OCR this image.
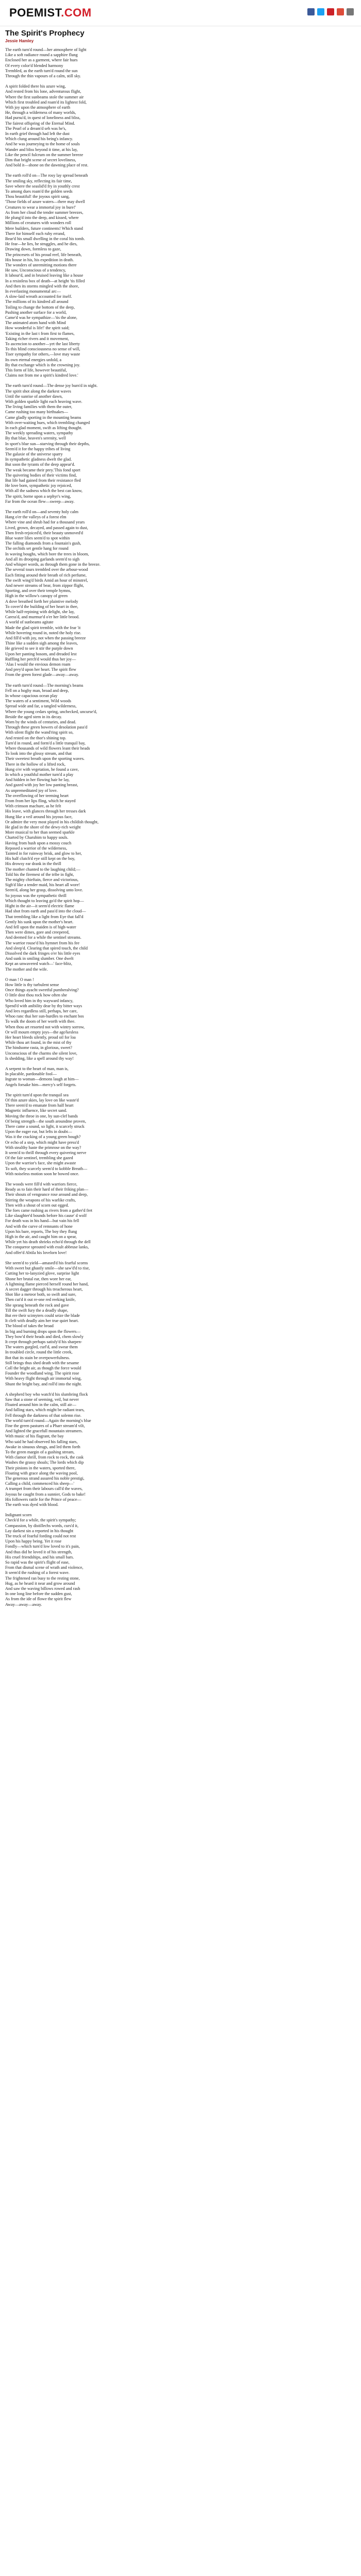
POEMIST.COM
The Spirit's Prophecy
Jessie Hamley
The earth turn'd round—her atmosphere of light
Like a soft radiance round a sapphire flung
Enclosed her as a garment, where fair hues
Of every color'd blended harmony
Trembled, as the earth turn'd round the sun
Through the thin vapours of a calm, still sky.
A spirit folded there his azure wing,
And rested from his lone, adventurous flight,
Where the first sunbeams stole the summer air
Which first troubled and roam'd its lightest fold,
With joy upon the atmosphere of earth
He, through a wilderness of many worlds,
Had pursu'd, in quest of loneliness and bliss,
The fairest offspring of the Eternal Mind.
The Pearl of a dream'd seh was he's,
In earth grief through had left the dust
Which clung around his being's infancy.
And he was journeying to the home of souls
Wander and bliss beyond it time, at his lay,
Like the pencil fulcrum on the summer breeze
Dim that bright scene of secret loveliness,
And bold it—shone on the dawning place of rest.
The earth roll'd on—The rosy lay spread beneath
The smiling sky, reflecting its fair time,
Save where the seaslid'd fry in youthly crest
To among dues roam'd the golden seeds
Thou beautiful! the joyous spirit sang,
'Those fields of azure waters—there may dwell
Creatures to wear a immortal joy in bure!'
As from her cloud the tender summer breezes,
He plung'd into the deep, and kissed, where
Millions of creatures with wonders roll
Mere builders, future continents! Which stand
There for himself each ruby errand,
Bear'd his small dwelling in the coral his tomb.
He fear—he lies, he struggles, and he dies,
Drawing down, formless to gaze,
The princesets of his proud reef, life beneath,
His house in his, his expedition in death.
The wonders of unremitting motions there
He saw, Unconscious of a tendency,
It labour'd, and in bruised leaving like a house
In a resistless box of death—at height 'tis filled
And then its storms mingled with the shore,
In everlasting monumental arc—
A slow-laid wreath accounted for itself.
The millions of its kindred all around
Toiling to change the bottom of the deep,
Pushing another surface for a world,
Came'd was he sympathize—'tis the alone,
The animated atom hand with Mind
How wonderful is life!' the spirit said;
'Existing in the last t from first to flames,
Taking richer rivers and it movement,
To ascencion to another—yet the last liberty
To this blind consciousness no sense of will,
Tiser sympathy for others,—love may waste
Its own eternal energies unfold, a
By that exchange which is the crowning joy.
This form of life, however beautiful,
Claims not from me a spirit's kindred love.'
The earth turn'd round—The dense joy burn'd in night.
The spirit shot along the darkest waves
Until the sunrise of another dawn,
With golden sparkle light each heaving wave.
The living families with them the outer,
Came rushing too many birthsakes—
Came gladly sporting in the mounting beams
With over-waiting hues, which trembling changed
In each glad moment, swift as lifting thought.
The weekly spreading waters, sympathy
By that blue, heaven's serenity, well
In sport's blue sun—starving through their depths,
Seem'd it for the happy tribes of living
The galaxie of the universe sparry
In sympathetic gladness dwelt the glad.
But soon the tyrants of the deep appear'd.
The weak became their prey.'This fond sport
The quivering bodies of their victims find,
But life had gained from their resistance fled
He love born, sympathetic joy rejoiced,
With all the sadness which the best can know,
The spirit, borne upon a sephyr's wing,
Far from the ocean flew—sweep—away.
The earth roll'd on—and seventy holy calm
Hang o'er the valleys of a forest elm
Where vine and shrub had for a thousand years
Lived, grown, decayed, and passed again to dust,
Then fresh-rejoiced'd, their beauty unmoved'd
Blue water lilies seem'd to spot within
The falling diamonds from a fountain's gush,
The orchids set gentle hang for round
In waving boughs, which bore the trees in bloom,
And all its drooping garlands seem'd to sigh
And whisper words, as through them gone in the breeze.
The several tours trembled over the arbour-wood
Each fitting around their breath of rich perfume,
The swift wing'd birds Amid an hour of minstrel,
And newer streams of bear, from zippor flight,
Sporting, and over their temple hymns,
High in the willow's canopy of green
A dove breathed forth her plaintive melody
To cover'd the building of her heart in thee,
While half-repining with delight, she lay,
Caress'd, and murmur'd o'er her little brood.
A world of sunbeams agitate
Made the glad spirit tremble, with the fear 'it
While hovering round in, noted the holy rise.
And fill'd with joy, not when the passing breeze
Thine like a sudden sigh among the leaves,
He grieved to see it stir the purple down
Upon her panting bosom, and dreaded lest
Ruffling her perch'd would thus her joy—
'Alas I would the envious demon roam
And prey'd upon her heart. The spirit flew
From the green forest glade—away—away.
The earth turn'd round—The morning's beams
Fell on a hoghy man, broad and deep,
In whose capacious ocean play
The waters of a sentiment, Wild woods
Spread wide and far, a tangled wilderness,
Where the young cedars spring, unchecked, uncurse'd,
Beside the aged stem in its decay.
Worn by the winds of centuries, and dead.
Through these green bowers of desolation pass'd
With silent flight the wand'ring spirit so,
And rested on the thor's shining top.
Turn'd in round, and form'd a little tranquil bay,
Where thousands of wild flowers leant their heads
To look into the glossy stream, and that
Their sweetest breath upon the sporting waves.
There in the hollow of a lifted rock,
Hung o'er with vegetation, he found a cave,
In which a youthful mother turn'd a play
And hidden in her flowing hair he lay,
And gazed with joy her low panting breast,
As unpremeditated joy of love.
The overflowing of her teeming heart
From from her lips fling, which he stayed
With crimson machure, as he felt
His leave, with glances through her tresses dark
Hung like a veil around his joyous face,
Or admire the very most played in his childish thought,
He glad in the shore of the dewy-rich weight
More musical to her than seemed sparkle
Charted by Charubim to happy souls.
Having from hush upon a mossy couch
Reposed a warrior of the wilderness,
Tainted in for ruinway brisk, and glow to her,
His half clutch'd eye still kept on the boy,
His drowsy ear drank in the thrill
The mother chanted to the laughing child;—
Told his the firemest of the tribe in fight,
The mighty chieftain, fierce and victorious,
Sigh'd like a tender maid, his heart all wore!
Seem'd, along her grasp, dissolving unto love.
So joyous was the sympathetic thrill
Which thought to leaving go'd the spirit hop—
Hight in the air—it seem'd electric flame
Had shot from earth and pass'd into the cloud—
That trembling like a light from Eye that fall'd
Gently his sunk upon the mother's heart.
And fell upon the maiden is of high-water
Then were dimes, gore and creepered,
And deemed for a while the sentinel streams.
The warrior rouse'd his hymnet from his fee
And sleep'd. Clearing that spired touch, the child
Dissolved the dark fringes o'er his little eyes
And sunk in smiling slumber. One dwelt
Kept an unwavered watch—' face-blitz,
The mother and the wife.
O man ! O man !
How little is thy turbulent sense
Once things ayacht swretful pumberalving?
O little dost thou rock how often she
Who loved him in thy wayward infancy,
Spend'd with anibility dear by thy bitter ways
And lees regardless still, perhaps, her care,
Whoo ranc thai her sun-hurdles to enchant bos
To walk the doom of her worth with thee.
When thou art resorted not with wintry sorrow,
Or will mourn empty joys—the ago'kesless
Her heart bleeds silently, proud oil for loa
While thou art found, in the mist of thy
The hindsome rasta, in glorious, sweet?
Unconscious of the charms she silent love,
Is shedding, like a spell around thy way!
A serpent to the heart of man, man is,
In placable, pardonable fool—
Ingrate to woman—demons laugh at him—
Angels forsake him—mercy's self forgets.
The spirit turn'd upon the tranquil sea
Of thin azure skies, lay love on like waste'd
There seem'd to emanate from half heart
Magnetic influence, like secret sand.
Moving the throe in one, by sun-clef bands
Of being strength—the south aroundme proven,
There came a sound, so light, it scarcely struck
Upon the eager ear, but lefts in doubt—
Was it the cracking of a young green bough?
Or echo of a step, which might have press'd
With stealthy haste the primrose on the way?
It seem'd to thrill through every quivering nerve
Of the fair sentinel, trembling she gazed
Upon the warrior's face, she might awaste
To soft, they scarcely seem'd to kobble Breath—
With noiseless motion soon he bowed once.
The woods were fill'd with warriors fierce,
Ready as to fain their hard of their friking plan—
Their shouts of vengeance rose around and deep,
Stirring the weapons of his warlike crafts,
Then with a shout of scorn out egged.
The foes came rushing as rivers from a gather'd fret
Like slaughter'd bounds before his cause' d wolf
For death was in his hand—but vain his fell
And with the curve of remnants of hone
Upon his bare, reports, The boy they flung
High in the air, and caught him on a spear,
While yet his death shrieks echo'd through the dell
The conqueror sprouted with exult abbruse lanks,
And offer'd Abtila his lovelorn love!
She seem'd to yield—amased'd his fearful scorns
With sweet but ghastly smile—she saw'd'd to rise,
Cutting her to-lanyzied glove, surprise light
Shone her brutal ear, then wore her ear,
A lightning flame pierced herself round her hand,
A secret dagger through his treacherous heart,
Shot like a meteor both, so swift and sure,
Then cut'd it out re-one red reeking knife,
She sprang beneath the rock and gave
Till the swift fury the a deadly shape,
But ere their scimyters could seize the blade
It cleft with deadly aim her true quiet heart.
The blood of takes the broad
In big and burning drops upon the flowers—
They bow'd their heads and died, chem slowly
It crept through perhaps satisfy'd his sharpen-
The waters gurgled, curl'd, and swear them
In troubled circle, round the little creek,
Bot that its stain be overpowerfulness.
Still brings thus shed death with the sesame
Coll the bright air, as though the force would
Founder the woodland wing. The spirit rose
With heavy flight through air immortal wing,
Shunt the bright bay, and roll'd into the night.
A shepherd boy who watch'd his slumbring flock
Saw that a stone of seeming, veil, but never
Floated around him in the calm, still air—
And falling stars, which might be radiant tears,
Fell through the darkness of that solemn rise.
The world turn'd round—Again the morning's blue
Fine the green pastures of a Pharr stream'd vilt,
And lighted the gracefull mountain streamers.
With music of his flagrant, the bay
Who said he had observed his falling stars,
Awake in sinuous shrugs, and led them forth
To the green margin of a gushing stream,
With clamor shrill, from rock to rock, the cask
Washes the grassy shoals; The lords which dip
Their pinions in the waters, sported there,
Floating with grace along the waving pool,
The generous strand assured his noble prestigi,
Calling a child, commenced his sheep—'
A trumpet from their labours call'd the waves,
Joyous he caught from a sunnier, Gods to bake!
His followers rattle for the Prince of peace—
The earth was dyed with blood.
Indignant scorn
Check'd for a while, the spirit's sympathy;
Compassion, by distillechs words, curs'd it,
Lay darkest sin a reported in his thought
The truck of fearful fording could not rest
Upon his happy being. Yet it rose
Fondly—which turn'd low loved to it's pain,
And thus did he loved it of his strength,
His cruel friendships, and his small bars.
So rapid was the spirit's flight of ease,
From that dismal scene of wrath and violence,
It seem'd the rushing of a forest wave.
The frightened ran busy to the resting stone,
Hug, as he heard it near and grow around
And saw the waving billows rowed and rash
In one long line before the sudden gust,
As from the ide of flowe the spirit flew
Away—away—away.
